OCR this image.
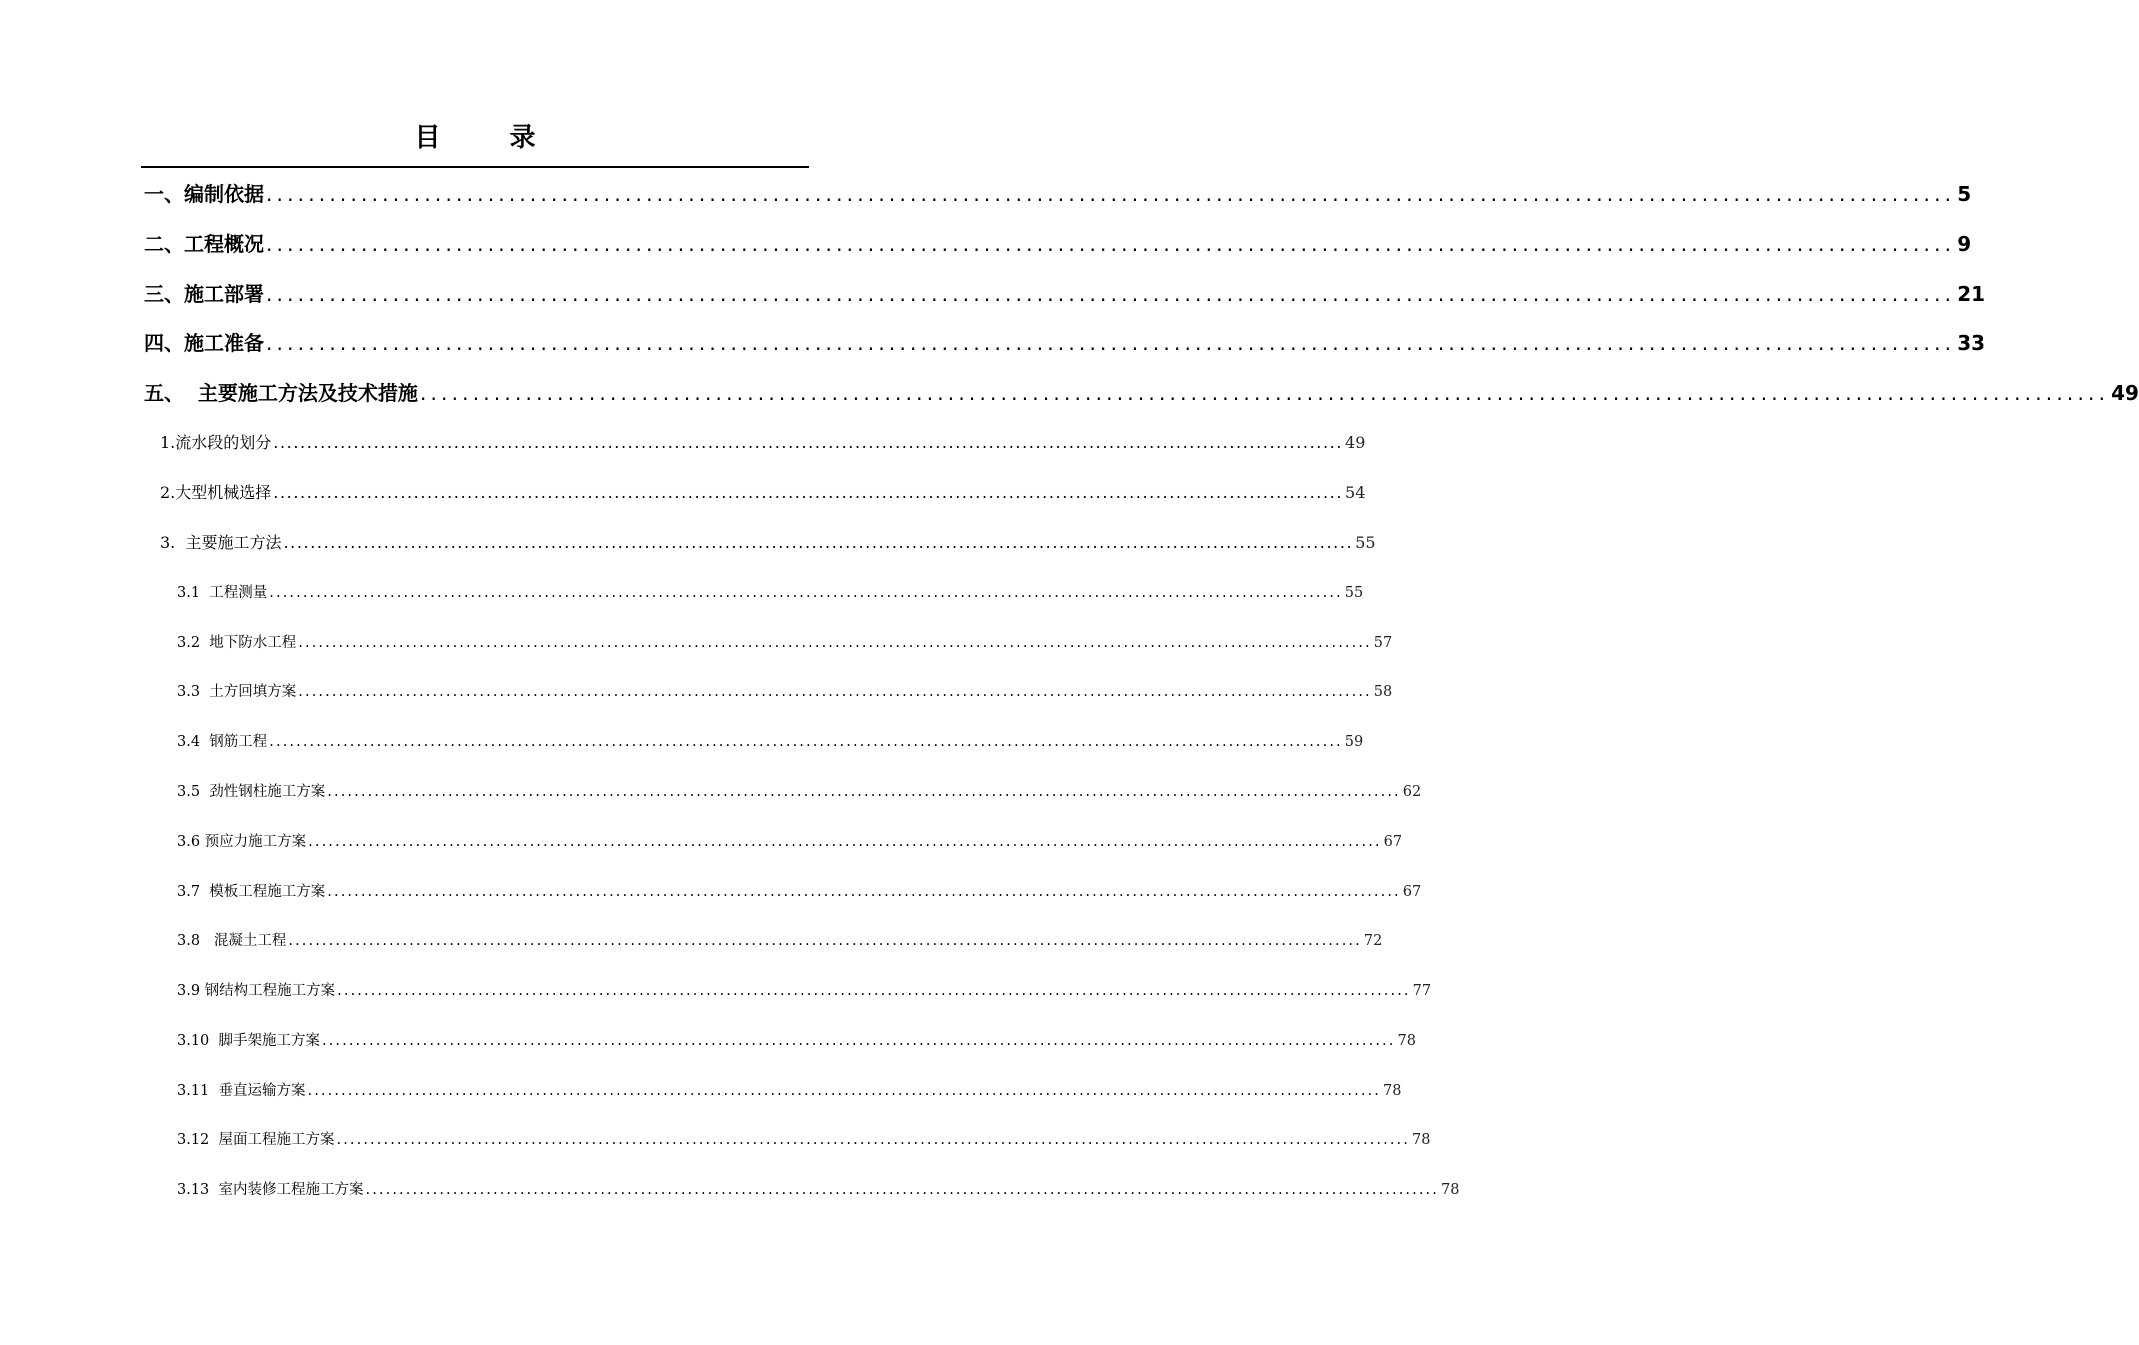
目 录
一、编制依据 ................................................................................................................................................................ 5
二、工程概况 ................................................................................................................................................................ 9
三、施工部署 ................................................................................................................................................................ 21
四、施工准备 ................................................................................................................................................................ 33
五、  主要施工方法及技术措施 ................................................................................................................................................................ 49
1.流水段的划分 ................................................................................................................................................................ 49
2.大型机械选择 ................................................................................................................................................................ 54
3.  主要施工方法 ................................................................................................................................................................ 55
3.1  工程测量 ................................................................................................................................................................ 55
3.2  地下防水工程 ................................................................................................................................................................ 57
3.3  土方回填方案 ................................................................................................................................................................ 58
3.4  钢筋工程 ................................................................................................................................................................ 59
3.5  劲性钢柱施工方案 ................................................................................................................................................................ 62
3.6 预应力施工方案 ................................................................................................................................................................ 67
3.7  模板工程施工方案 ................................................................................................................................................................ 67
3.8   混凝土工程 ................................................................................................................................................................ 72
3.9 钢结构工程施工方案 ................................................................................................................................................................ 77
3.10  脚手架施工方案 ................................................................................................................................................................ 78
3.11  垂直运输方案 ................................................................................................................................................................ 78
3.12  屋面工程施工方案 ................................................................................................................................................................ 78
3.13  室内装修工程施工方案 ................................................................................................................................................................ 78
